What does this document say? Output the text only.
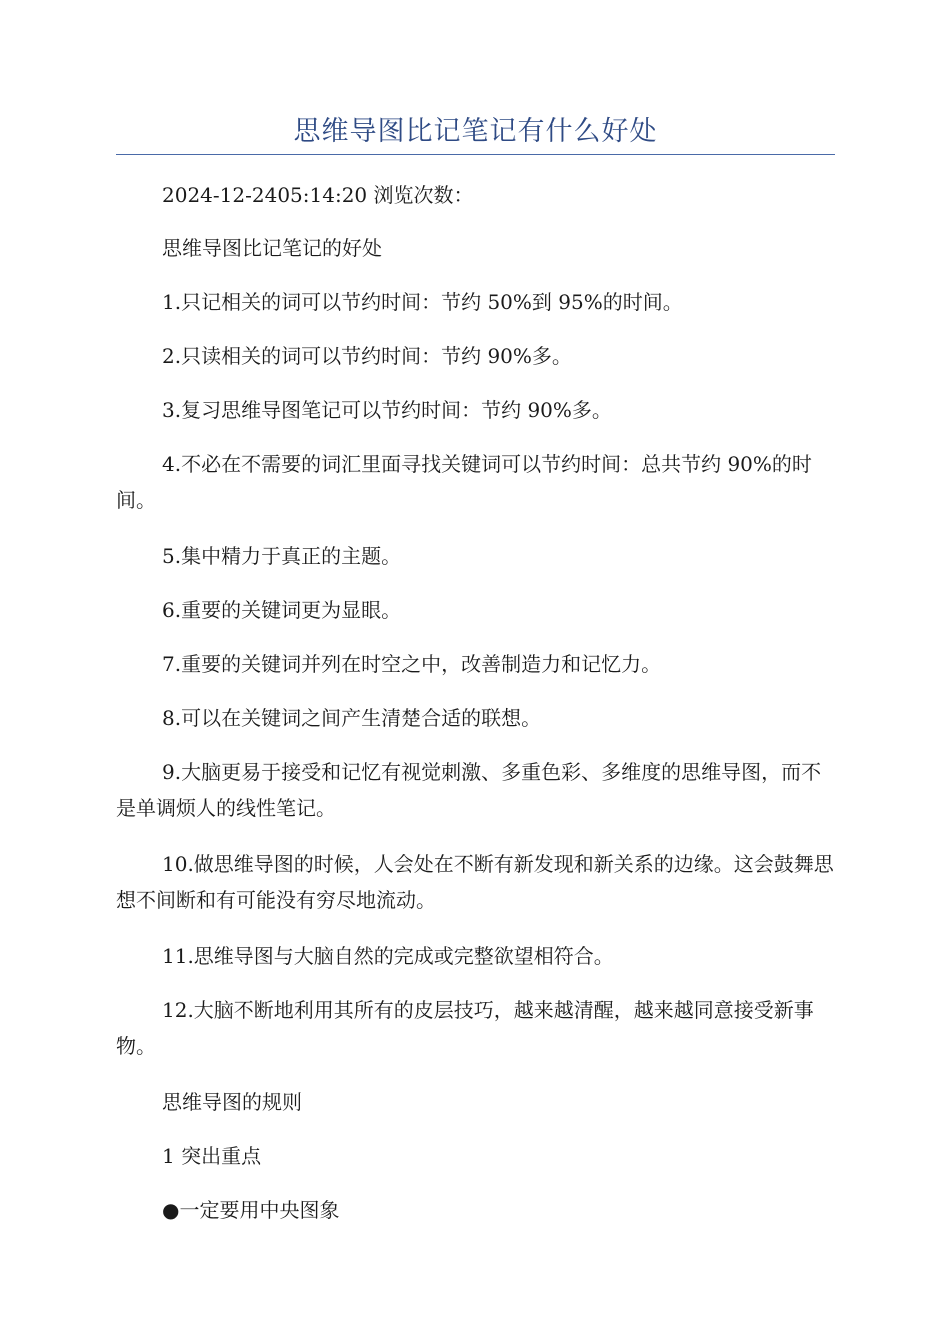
思维导图比记笔记有什么好处

2024-12-2405:14:20 浏览次数：

思维导图比记笔记的好处

1.只记相关的词可以节约时间：节约 50%到 95%的时间。

2.只读相关的词可以节约时间：节约 90%多。

3.复习思维导图笔记可以节约时间：节约 90%多。

4.不必在不需要的词汇里面寻找关键词可以节约时间：总共节约 90%的时间。

5.集中精力于真正的主题。

6.重要的关键词更为显眼。

7.重要的关键词并列在时空之中，改善制造力和记忆力。

8.可以在关键词之间产生清楚合适的联想。

9.大脑更易于接受和记忆有视觉刺激、多重色彩、多维度的思维导图，而不是单调烦人的线性笔记。

10.做思维导图的时候，人会处在不断有新发现和新关系的边缘。这会鼓舞思想不间断和有可能没有穷尽地流动。

11.思维导图与大脑自然的完成或完整欲望相符合。

12.大脑不断地利用其所有的皮层技巧，越来越清醒，越来越同意接受新事物。

思维导图的规则

1 突出重点

●一定要用中央图象
